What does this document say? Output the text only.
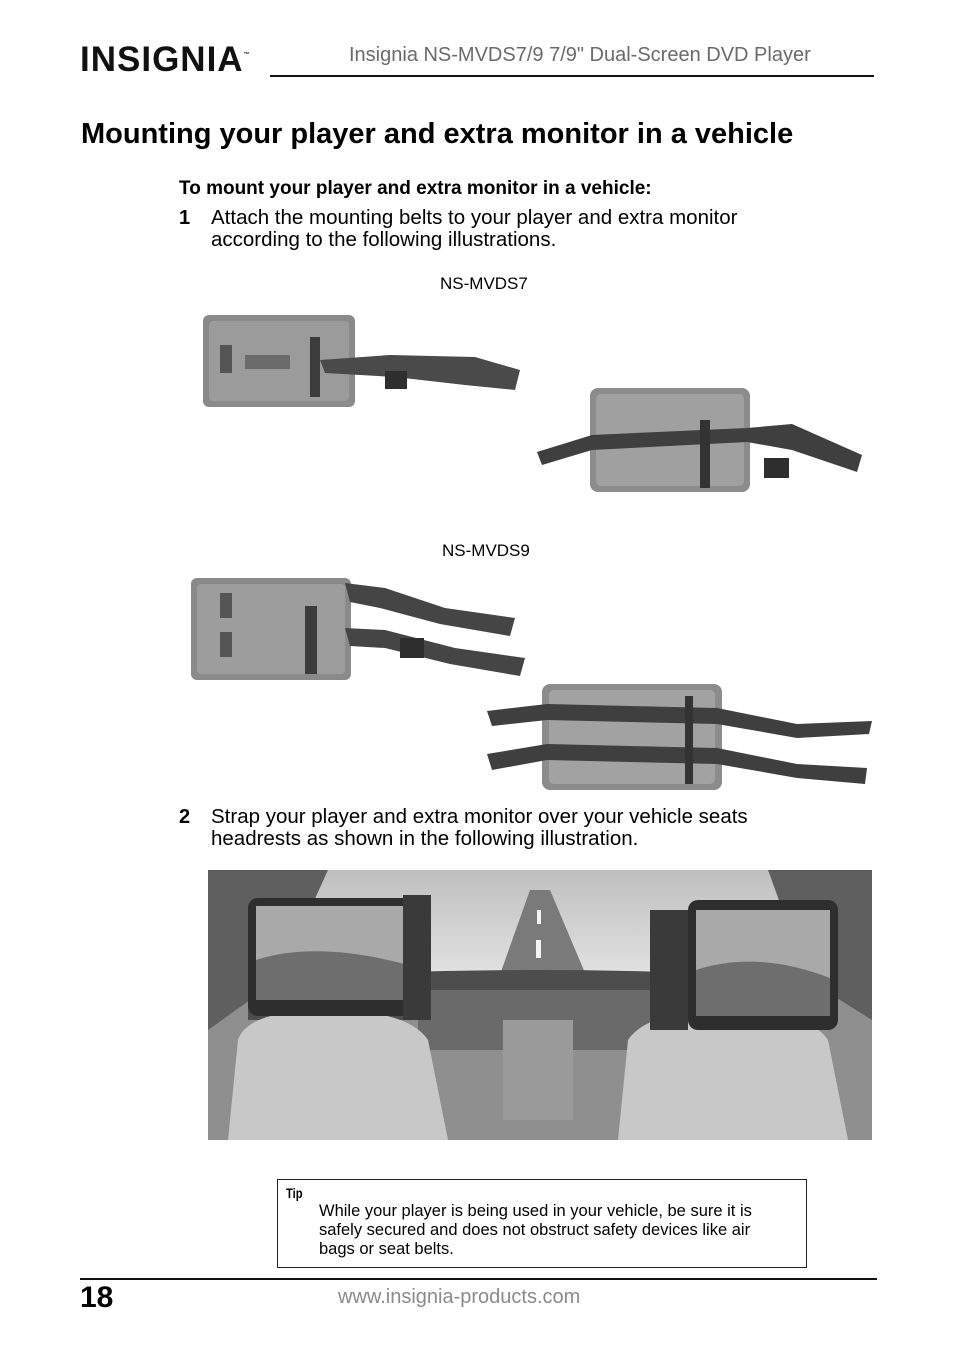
INSIGNIA™	Insignia NS-MVDS7/9 7/9" Dual-Screen DVD Player
Mounting your player and extra monitor in a vehicle
To mount your player and extra monitor in a vehicle:
1 Attach the mounting belts to your player and extra monitor
according to the following illustrations.
NS-MVDS7
NS-MVDS9
2 Strap your player and extra monitor over your vehicle seats
headrests as shown in the following illustration.
Tip
While your player is being used in your vehicle, be sure it is
safely secured and does not obstruct safety devices like air
bags or seat belts.
18	www.insignia-products.com
